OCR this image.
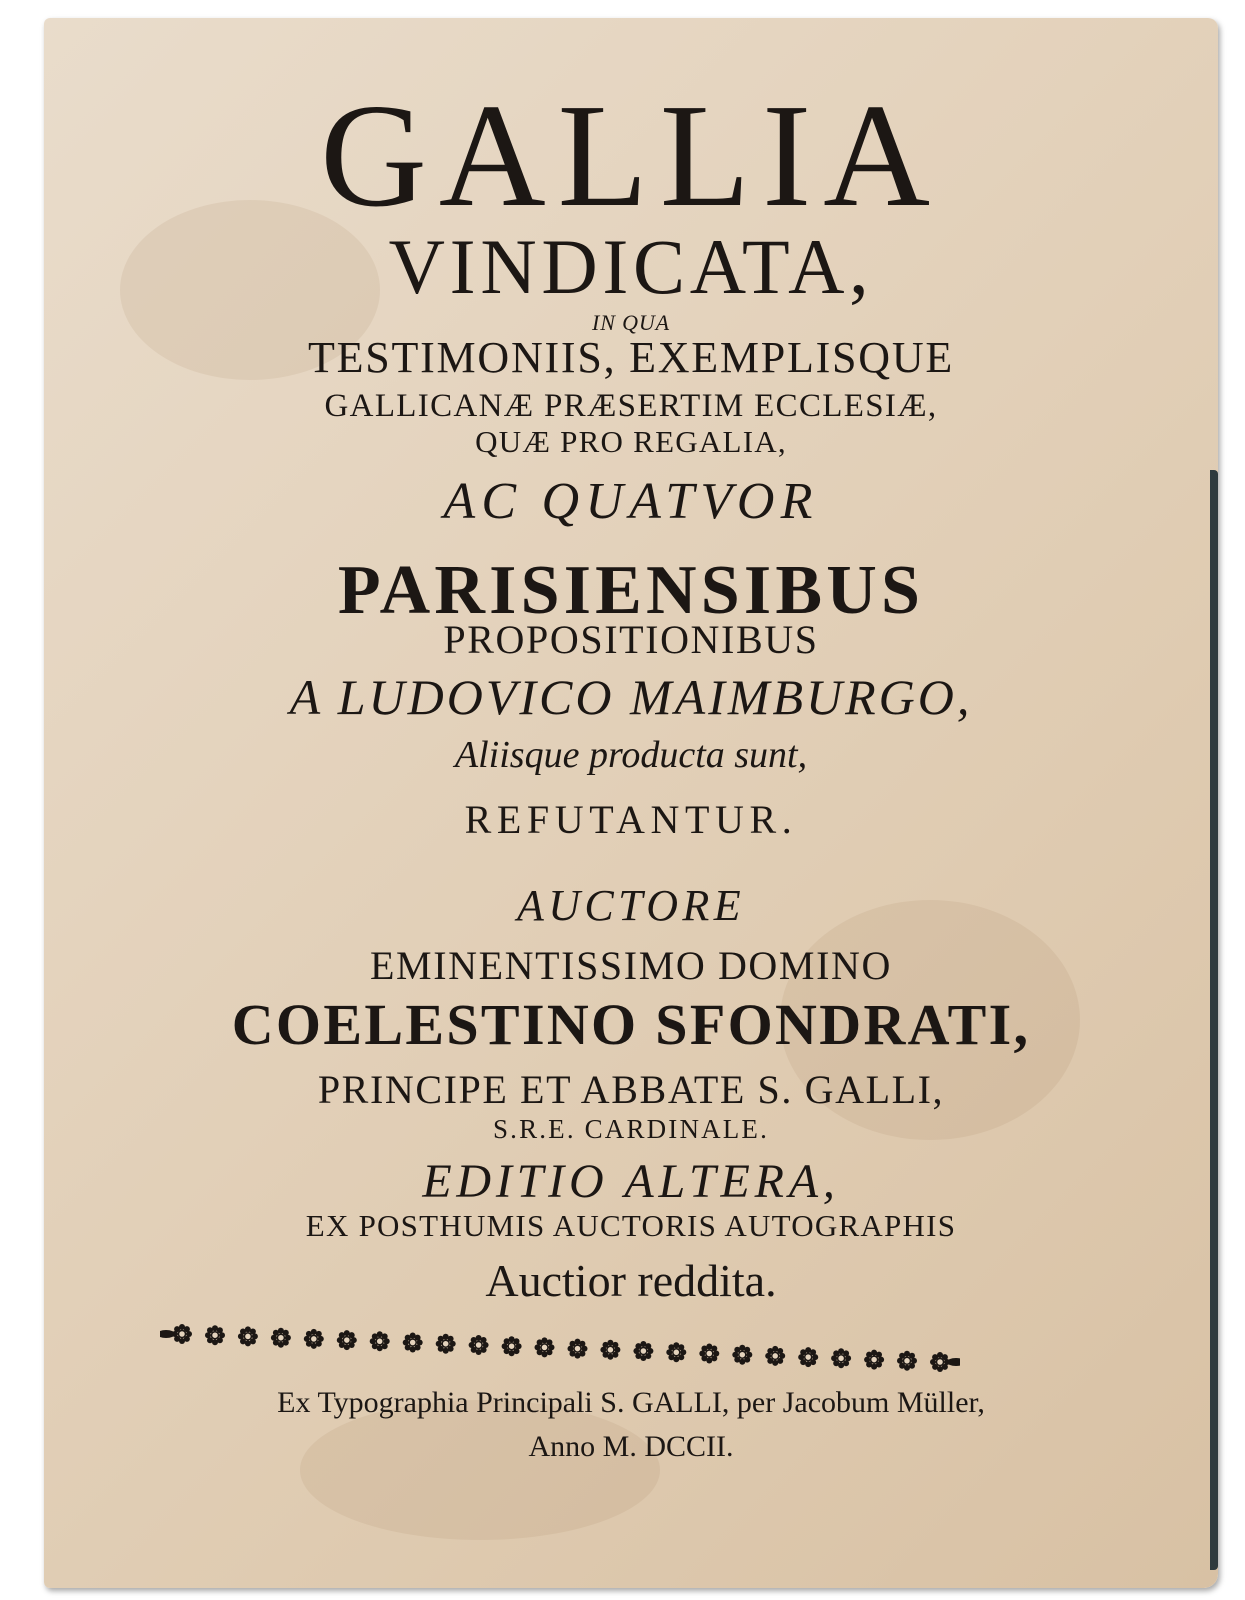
GALLIA
VINDICATA,
IN QUA
TESTIMONIIS, EXEMPLISQUE
GALLICANÆ PRÆSERTIM ECCLESIÆ,
QUÆ PRO REGALIA,
AC QUATVOR
PARISIENSIBUS
PROPOSITIONIBUS
A LUDOVICO MAIMBURGO,
Aliisque producta sunt,
REFUTANTUR.
AUCTORE
EMINENTISSIMO DOMINO
COELESTINO SFONDRATI,
PRINCIPE ET ABBATE S. GALLI,
S.R.E. CARDINALE.
EDITIO ALTERA,
EX POSTHUMIS AUCTORIS AUTOGRAPHIS
Auctior reddita.
Ex Typographia Principali S. GALLI, per Jacobum Müller,
Anno M. DCCII.
